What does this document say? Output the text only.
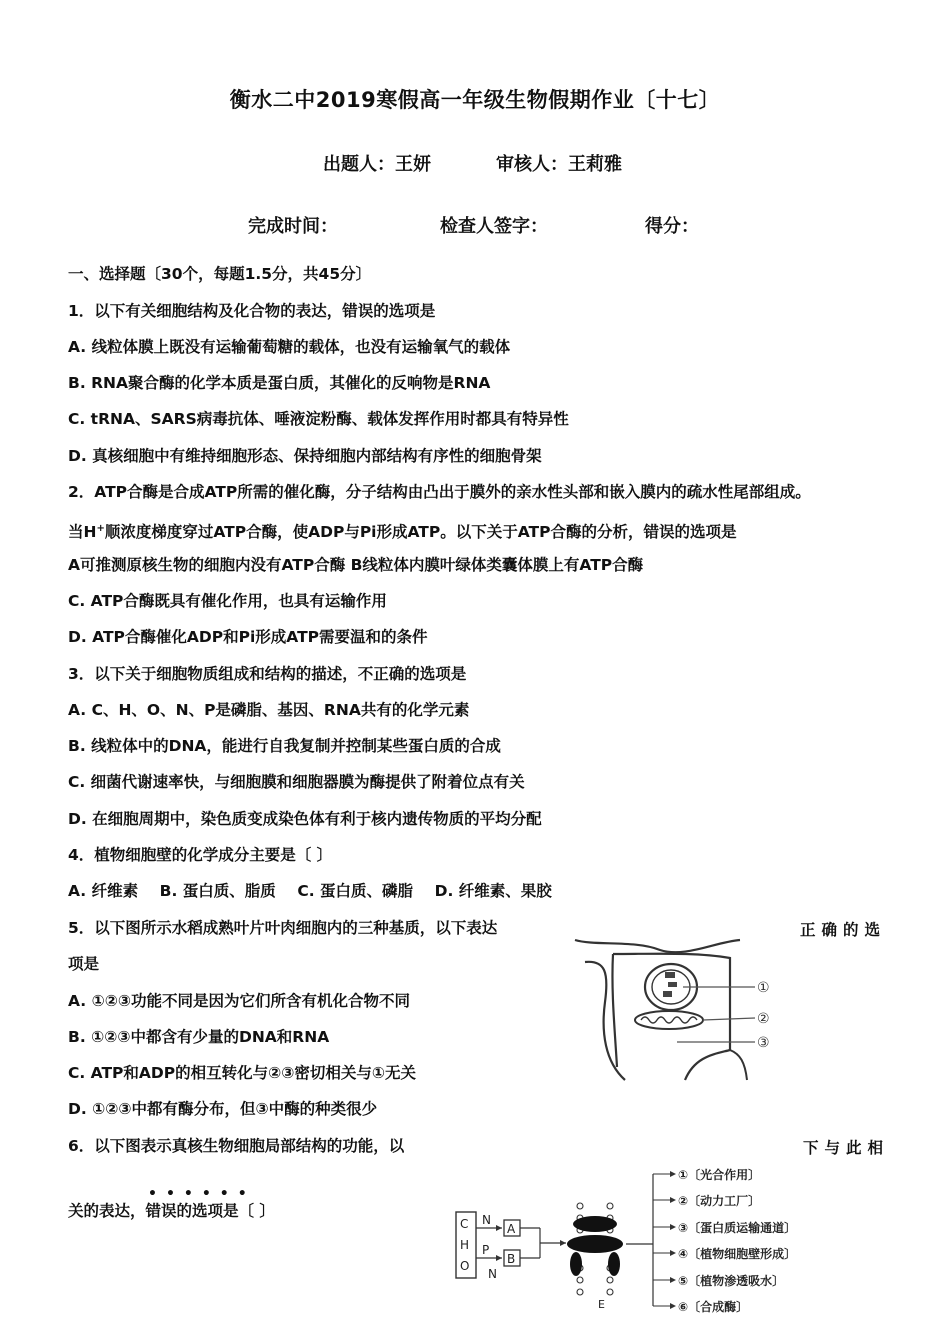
衡水二中2019寒假高一年级生物假期作业〔十七〕
出题人：王妍	审核人：王莉雅
完成时间：	检查人签字：	得分：
一、选择题〔30个，每题1.5分，共45分〕
1．以下有关细胞结构及化合物的表达，错误的选项是
A. 线粒体膜上既没有运输葡萄糖的载体，也没有运输氧气的载体
B. RNA聚合酶的化学本质是蛋白质，其催化的反响物是RNA
C. tRNA、SARS病毒抗体、唾液淀粉酶、载体发挥作用时都具有特异性
D. 真核细胞中有维持细胞形态、保持细胞内部结构有序性的细胞骨架
2．ATP合酶是合成ATP所需的催化酶，分子结构由凸出于膜外的亲水性头部和嵌入膜内的疏水性尾部组成。
当H+顺浓度梯度穿过ATP合酶，使ADP与Pi形成ATP。以下关于ATP合酶的分析，错误的选项是
A可推测原核生物的细胞内没有ATP合酶 B线粒体内膜叶绿体类囊体膜上有ATP合酶
C. ATP合酶既具有催化作用，也具有运输作用
D. ATP合酶催化ADP和Pi形成ATP需要温和的条件
3．以下关于细胞物质组成和结构的描述，不正确的选项是
A. C、H、O、N、P是磷脂、基因、RNA共有的化学元素
B. 线粒体中的DNA，能进行自我复制并控制某些蛋白质的合成
C. 细菌代谢速率快，与细胞膜和细胞器膜为酶提供了附着位点有关
D. 在细胞周期中，染色质变成染色体有利于核内遗传物质的平均分配
4．植物细胞壁的化学成分主要是〔 〕
A. 纤维素    B. 蛋白质、脂质    C. 蛋白质、磷脂    D. 纤维素、果胶
5．以下图所示水稻成熟叶片叶肉细胞内的三种基质，以下表达	正确的选
项是
A. ①②③功能不同是因为它们所含有机化合物不同
B. ①②③中都含有少量的DNA和RNA
C. ATP和ADP的相互转化与②③密切相关与①无关
D. ①②③中都有酶分布，但③中酶的种类很少
①
②
③
6．以下图表示真核生物细胞局部结构的功能，以	下与此相
••••••
关的表达，错误的选项是〔 〕
C
H
O
N
A
P
N
B
E
①〔光合作用〕
②〔动力工厂〕
③〔蛋白质运输通道〕
④〔植物细胞壁形成〕
⑤〔植物渗透吸水〕
⑥〔合成酶〕
